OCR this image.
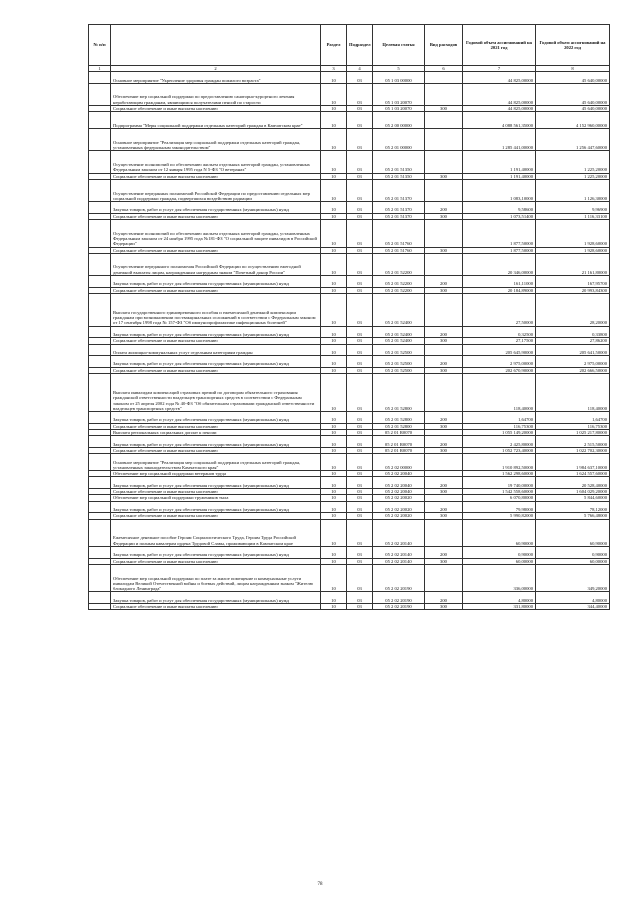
№ п/п		Раздел	Подраздел	Целевая статья	Вид расходов	Годовой объем ассигнований на 2021 год	Годовой объем ассигнований на 2022 год
1	2	3	4	5	6	7	8
	Основное мероприятие "Укрепление здоровья граждан пожилого возраста"	10	03	05 1 03 00000		44 825,00000	45 640,00000
	Обеспечение мер социальной поддержки по предоставлению санаторно-курортного лечения неработающим гражданам, являющимся получателями пенсий по старости	10	03	05 1 03 20070		44 825,00000	45 640,00000
	Социальное обеспечение и иные выплаты населению	10	03	05 1 03 20070	300	44 825,00000	45 640,00000
	Подпрограмма "Меры социальной поддержки отдельных категорий граждан в Камчатском крае"	10	03	05 2 00 00000		4 088 561,35000	4 152 960,00000
	Основное мероприятие "Реализация мер социальной поддержки отдельных категорий граждан, установленных федеральным законодательством"	10	03	05 2 01 00000		1 285 441,00000	1 256 447,60000
	Осуществление полномочий по обеспечению жильем отдельных категорий граждан, установленных Федеральным законом от 12 января 1995 года N 5-ФЗ "О ветеранах"	10	03	05 2 01 51350		1 191,40000	1 225,20000
	Социальное обеспечение и иные выплаты населению	10	03	05 2 01 51350	300	1 191,40000	1 225,20000
	Осуществление переданных полномочий Российской Федерации по предоставлению отдельных мер социальной поддержки граждан, подвергшихся воздействию радиации	10	03	05 2 01 51370		1 083,10000	1 126,30000
	Закупка товаров, работ и услуг для обеспечения государственных (муниципальных) нужд	10	03	05 2 01 51370	200	9,58600	9,96900
	Социальное обеспечение и иные выплаты населению	10	03	05 2 01 51370	300	1 073,51400	1 116,33100
	Осуществление полномочий по обеспечению жильем отдельных категорий граждан, установленных Федеральным законом от 24 ноября 1995 года №181-ФЗ "О социальной защите инвалидов в Российской Федерации"	10	03	05 2 01 51760		1 877,50000	1 928,60000
	Социальное обеспечение и иные выплаты населению	10	03	05 2 01 51760	300	1 877,50000	1 928,60000
	Осуществление переданного полномочия Российской Федерации по осуществлению ежегодной денежной выплаты лицам, награжденным нагрудным знаком "Почетный донор России"	10	03	05 2 01 52200		20 346,00000	21 161,80000
	Закупка товаров, работ и услуг для обеспечения государственных (муниципальных) нужд	10	03	05 2 01 52200	200	161,11000	167,95700
	Социальное обеспечение и иные выплаты населению	10	03	05 2 01 52200	300	20 184,89000	20 993,84300
	Выплата государственного единовременного пособия и ежемесячной денежной компенсации гражданам при возникновении поствакцинальных осложнений в соответствии с Федеральным законом от 17 сентября 1998 года № 157-ФЗ "Об иммунопрофилактике инфекционных болезней"	10	03	05 2 01 52400		27,50000	28,20000
	Закупка товаров, работ и услуг для обеспечения государственных (муниципальных) нужд	10	03	05 2 01 52400	200	0,32500	0,33800
	Социальное обеспечение и иные выплаты населению	10	03	05 2 01 52400	300	27,17500	27,86200
	Оплата жилищно-коммунальных услуг отдельным категориям граждан	10	03	05 2 01 52500		205 645,90000	205 641,50000
	Закупка товаров, работ и услуг для обеспечения государственных (муниципальных) нужд	10	03	05 2 01 52500	200	2 975,00000	2 975,00000
	Социальное обеспечение и иные выплаты населению	10	03	05 2 01 52500	300	202 670,90000	202 666,50000
	Выплата инвалидам компенсаций страховых премий по договорам обязательного страхования гражданской ответственности владельцев транспортных средств в соответствии с Федеральным законом от 25 апреля 2002 года № 40-ФЗ "Об обязательном страховании гражданской ответственности владельцев транспортных средств"	10	03	05 2 01 52800		118,40000	118,40000
	Закупка товаров, работ и услуг для обеспечения государственных (муниципальных) нужд	10	03	05 2 01 52800	200	1,64700	1,64700
	Социальное обеспечение и иные выплаты населению	10	03	05 2 01 52800	300	116,75300	116,75300
	Выплата региональных социальных доплат к пенсии	10	03	05 2 01 R0070		1 055 149,20000	1 025 217,80000
	Закупка товаров, работ и услуг для обеспечения государственных (муниципальных) нужд	10	03	05 2 01 R0070	200	2 425,80000	2 515,50000
	Социальное обеспечение и иные выплаты населению	10	03	05 2 01 R0070	300	1 052 723,40000	1 022 702,30000
	Основное мероприятие "Реализация мер социальной поддержки отдельных категорий граждан, установленных законодательством Камчатского края"	10	03	05 2 02 00000		1 910 892,50000	1 984 637,10000
	Обеспечение мер социальной поддержки ветеранов труда	10	03	05 2 02 20040		1 562 298,60000	1 624 557,60000
	Закупка товаров, работ и услуг для обеспечения государственных (муниципальных) нужд	10	03	05 2 02 20040	200	19 740,00000	20 528,40000
	Социальное обеспечение и иные выплаты населению	10	03	05 2 02 20040	300	1 542 558,60000	1 604 029,20000
	Обеспечение мер социальной поддержки тружеников тыла	10	03	05 2 02 20020		6 070,80000	5 844,60000
	Закупка товаров, работ и услуг для обеспечения государственных (муниципальных) нужд	10	03	05 2 02 20020	200	79,98000	78,12000
	Социальное обеспечение и иные выплаты населению	10	03	05 2 02 20020	300	5 990,82000	5 766,48000
	Ежемесячное денежное пособие Героям Социалистического Труда, Героям Труда Российской Федерации и полным кавалерам ордена Трудовой Славы, проживающим в Камчатском крае	10	03	05 2 02 20140		60,90000	60,90000
	Закупка товаров, работ и услуг для обеспечения государственных (муниципальных) нужд	10	03	05 2 02 20140	200	0,90000	0,90000
	Социальное обеспечение и иные выплаты населению	10	03	05 2 02 20140	300	60,00000	60,00000
	Обеспечение мер социальной поддержки по плате за жилое помещение и коммунальные услуги инвалидам Великой Отечественной войны и боевых действий, лицам награжденным знаком "Жителю блокадного Ленинграда"	10	03	05 2 02 20190		336,00000	349,20000
	Закупка товаров, работ и услуг для обеспечения государственных (муниципальных) нужд	10	03	05 2 02 20190	200	4,80000	4,80000
	Социальное обеспечение и иные выплаты населению	10	03	05 2 02 20190	300	331,80000	344,40000
78
